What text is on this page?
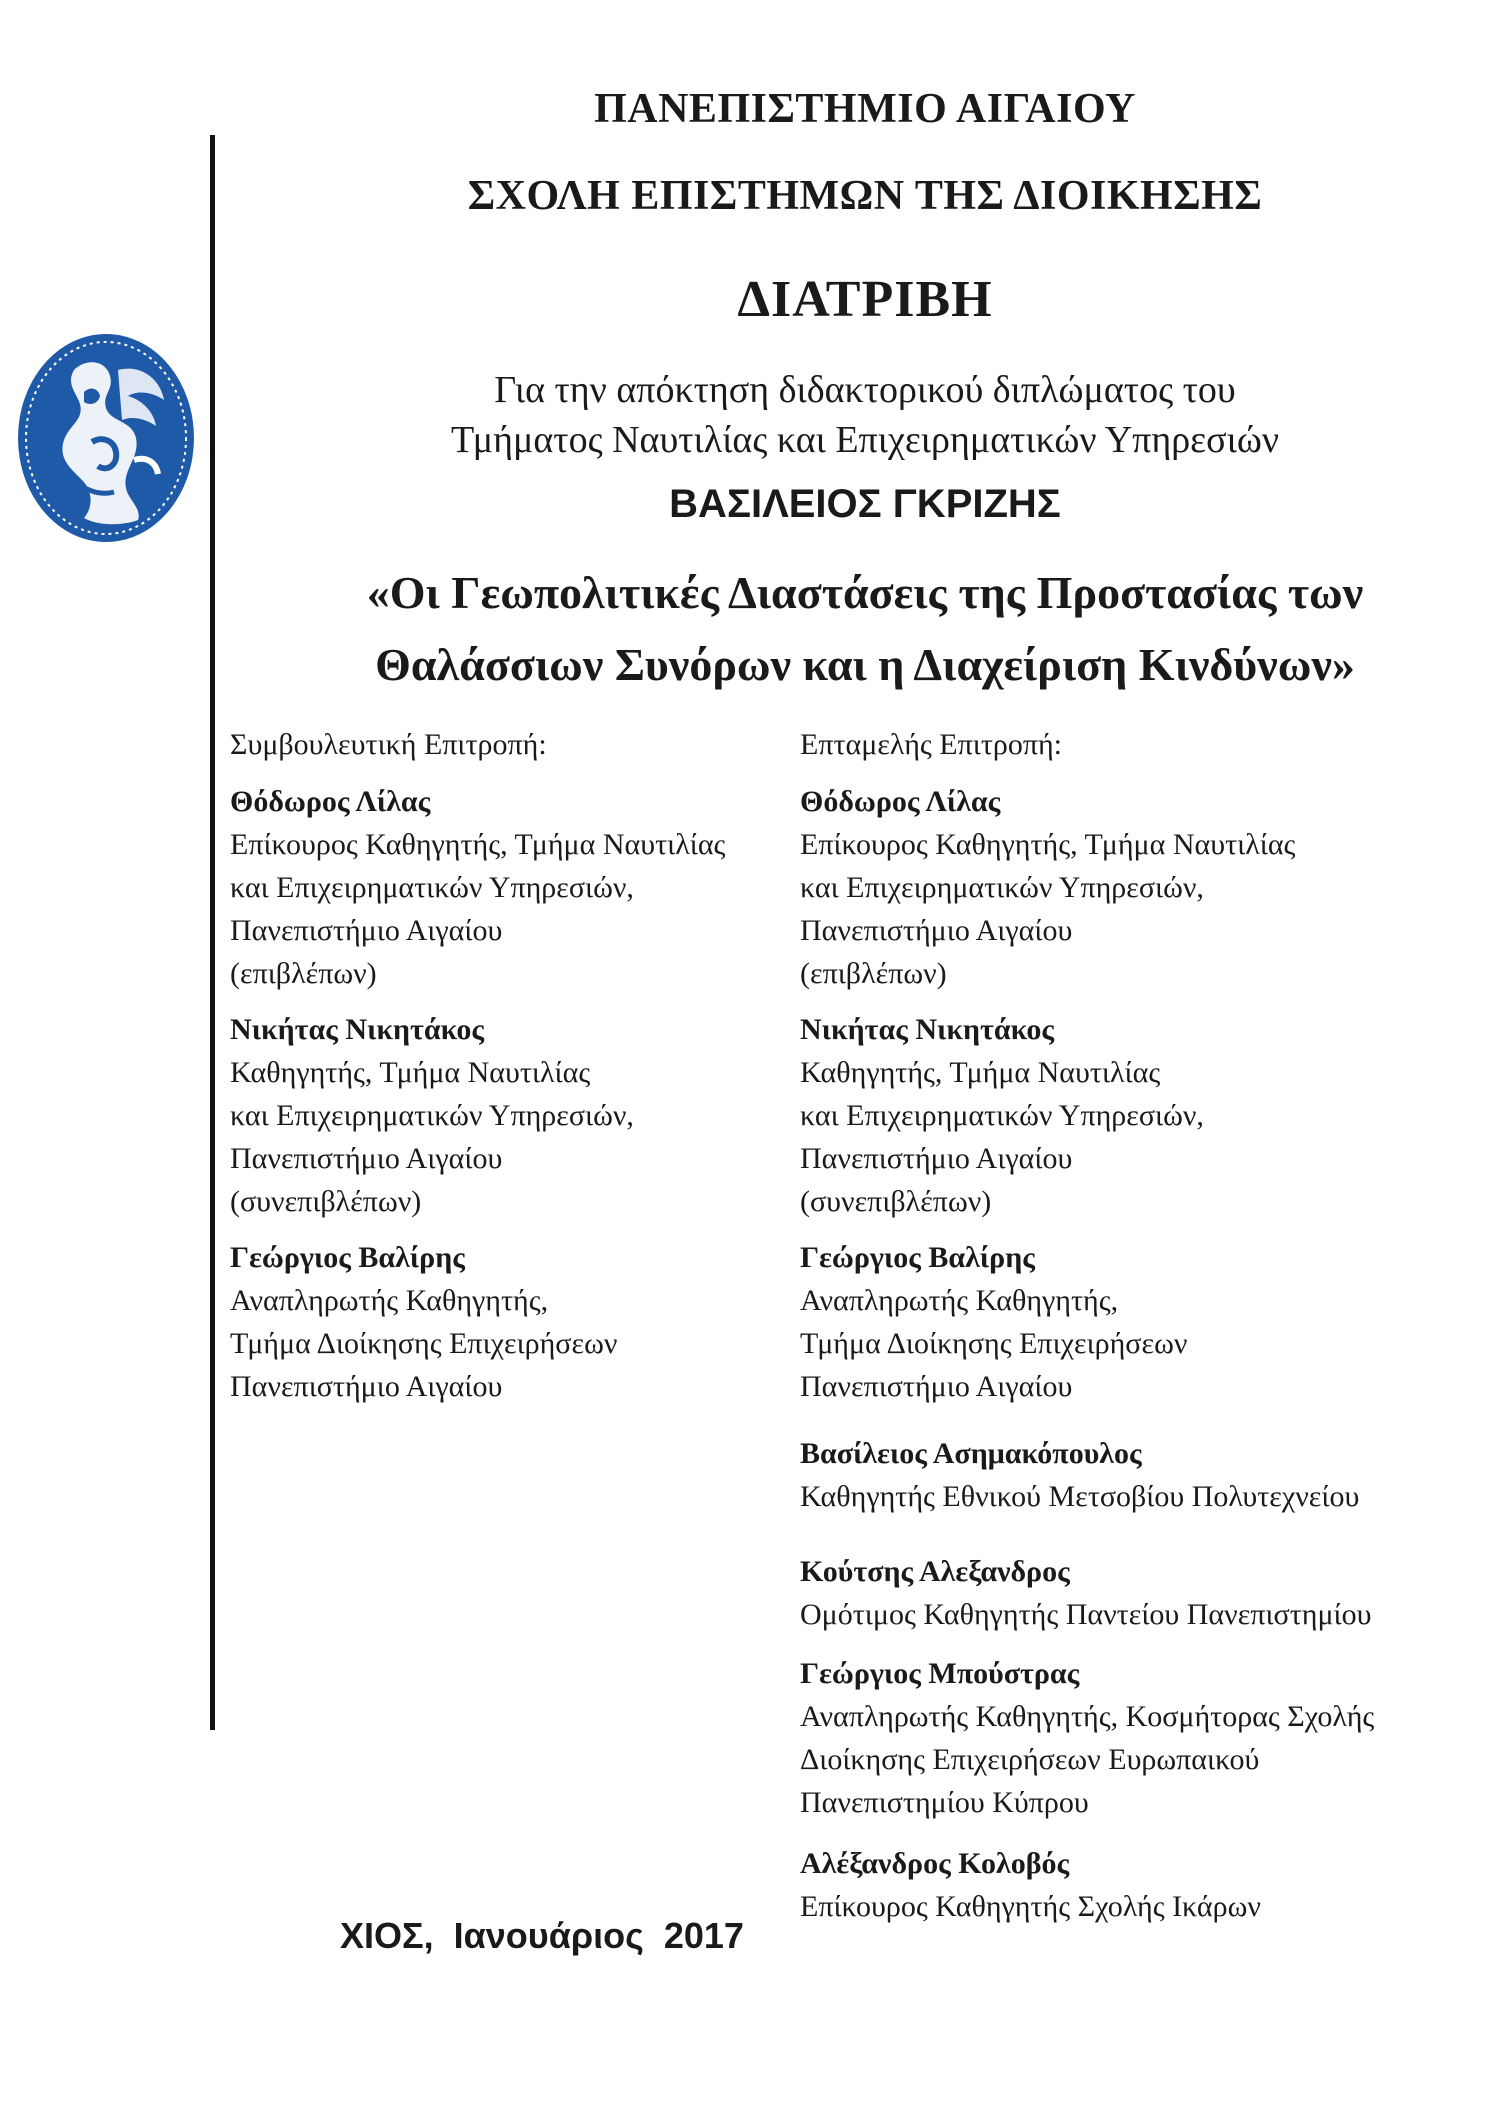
ΠΑΝΕΠΙΣΤΗΜΙΟ ΑΙΓΑΙΟΥ
ΣΧΟΛΗ ΕΠΙΣΤΗΜΩΝ ΤΗΣ ΔΙΟΙΚΗΣΗΣ
ΔΙΑΤΡΙΒΗ
Για την απόκτηση διδακτορικού διπλώματος του
Τμήματος Ναυτιλίας και Επιχειρηματικών Υπηρεσιών
ΒΑΣΙΛΕΙΟΣ ΓΚΡΙΖΗΣ
«Οι Γεωπολιτικές Διαστάσεις της Προστασίας των
Θαλάσσιων Συνόρων και η Διαχείριση Κινδύνων»
Συμβουλευτική Επιτροπή:
Θόδωρος Λίλας
Επίκουρος Καθηγητής, Τμήμα Ναυτιλίας
και Επιχειρηματικών Υπηρεσιών,
Πανεπιστήμιο Αιγαίου
(επιβλέπων)
Νικήτας Νικητάκος
Καθηγητής, Τμήμα Ναυτιλίας
και Επιχειρηματικών Υπηρεσιών,
Πανεπιστήμιο Αιγαίου
(συνεπιβλέπων)
Γεώργιος Βαλίρης
Αναπληρωτής Καθηγητής,
Τμήμα Διοίκησης Επιχειρήσεων
Πανεπιστήμιο Αιγαίου
Επταμελής Επιτροπή:
Θόδωρος Λίλας
Επίκουρος Καθηγητής, Τμήμα Ναυτιλίας
και Επιχειρηματικών Υπηρεσιών,
Πανεπιστήμιο Αιγαίου
(επιβλέπων)
Νικήτας Νικητάκος
Καθηγητής, Τμήμα Ναυτιλίας
και Επιχειρηματικών Υπηρεσιών,
Πανεπιστήμιο Αιγαίου
(συνεπιβλέπων)
Γεώργιος Βαλίρης
Αναπληρωτής Καθηγητής,
Τμήμα Διοίκησης Επιχειρήσεων
Πανεπιστήμιο Αιγαίου
Βασίλειος Ασημακόπουλος
Καθηγητής Εθνικού Μετσοβίου Πολυτεχνείου
Κούτσης Αλεξανδρος
Ομότιμος Καθηγητής Παντείου Πανεπιστημίου
Γεώργιος Μπούστρας
Αναπληρωτής Καθηγητής, Κοσμήτορας Σχολής
Διοίκησης Επιχειρήσεων Ευρωπαικού
Πανεπιστημίου Κύπρου
Αλέξανδρος Κολοβός
Επίκουρος Καθηγητής Σχολής Ικάρων
ΧΙΟΣ,  Ιανουάριος  2017
